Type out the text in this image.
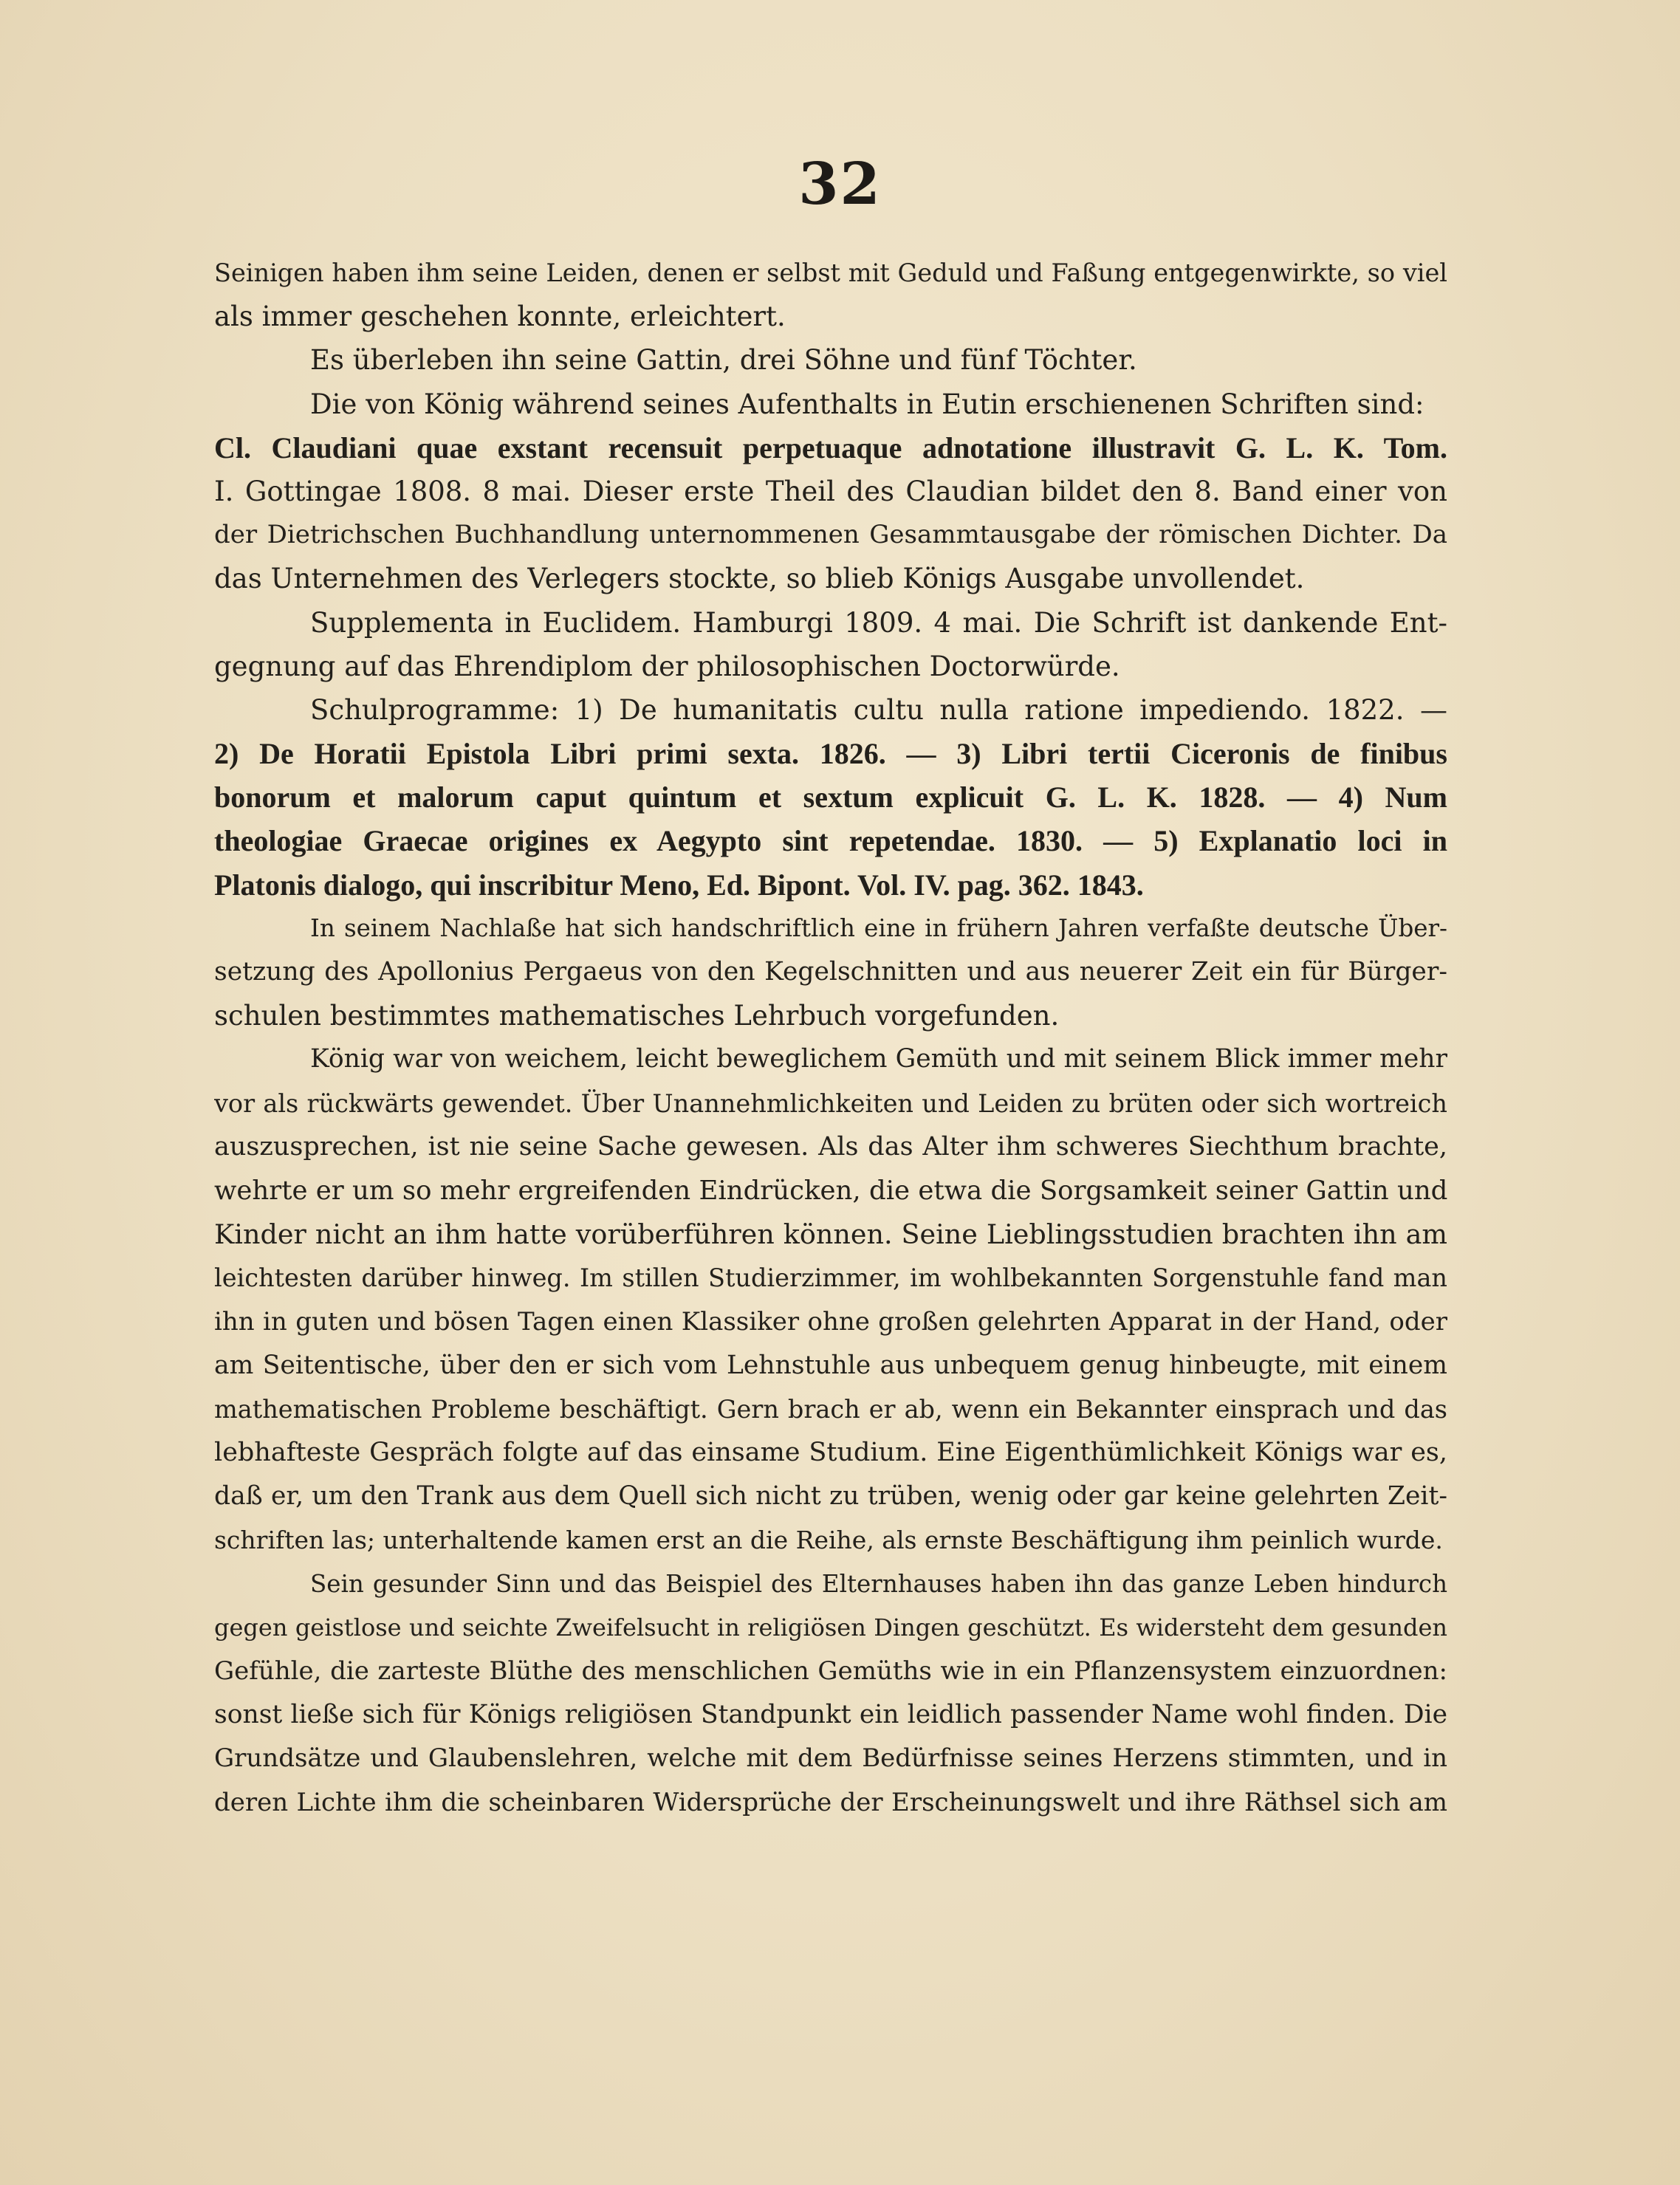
32
Seinigen haben ihm seine Leiden, denen er selbst mit Geduld und Faßung entgegenwirkte, so viel
als immer geschehen konnte, erleichtert.
Es überleben ihn seine Gattin, drei Söhne und fünf Töchter.
Die von König während seines Aufenthalts in Eutin erschienenen Schriften sind:
Cl. Claudiani quae exstant recensuit perpetuaque adnotatione illustravit G. L. K. Tom.
I. Gottingae 1808. 8 mai. Dieser erste Theil des Claudian bildet den 8. Band einer von
der Dietrichschen Buchhandlung unternommenen Gesammtausgabe der römischen Dichter. Da
das Unternehmen des Verlegers stockte, so blieb Königs Ausgabe unvollendet.
Supplementa in Euclidem. Hamburgi 1809. 4 mai. Die Schrift ist dankende Ent-
gegnung auf das Ehrendiplom der philosophischen Doctorwürde.
Schulprogramme: 1) De humanitatis cultu nulla ratione impediendo. 1822. —
2) De Horatii Epistola Libri primi sexta. 1826. — 3) Libri tertii Ciceronis de finibus
bonorum et malorum caput quintum et sextum explicuit G. L. K. 1828. — 4) Num
theologiae Graecae origines ex Aegypto sint repetendae. 1830. — 5) Explanatio loci in
Platonis dialogo, qui inscribitur Meno, Ed. Bipont. Vol. IV. pag. 362. 1843.
In seinem Nachlaße hat sich handschriftlich eine in frühern Jahren verfaßte deutsche Über-
setzung des Apollonius Pergaeus von den Kegelschnitten und aus neuerer Zeit ein für Bürger-
schulen bestimmtes mathematisches Lehrbuch vorgefunden.
König war von weichem, leicht beweglichem Gemüth und mit seinem Blick immer mehr
vor als rückwärts gewendet. Über Unannehmlichkeiten und Leiden zu brüten oder sich wortreich
auszusprechen, ist nie seine Sache gewesen. Als das Alter ihm schweres Siechthum brachte,
wehrte er um so mehr ergreifenden Eindrücken, die etwa die Sorgsamkeit seiner Gattin und
Kinder nicht an ihm hatte vorüberführen können. Seine Lieblingsstudien brachten ihn am
leichtesten darüber hinweg. Im stillen Studierzimmer, im wohlbekannten Sorgenstuhle fand man
ihn in guten und bösen Tagen einen Klassiker ohne großen gelehrten Apparat in der Hand, oder
am Seitentische, über den er sich vom Lehnstuhle aus unbequem genug hinbeugte, mit einem
mathematischen Probleme beschäftigt. Gern brach er ab, wenn ein Bekannter einsprach und das
lebhafteste Gespräch folgte auf das einsame Studium. Eine Eigenthümlichkeit Königs war es,
daß er, um den Trank aus dem Quell sich nicht zu trüben, wenig oder gar keine gelehrten Zeit-
schriften las; unterhaltende kamen erst an die Reihe, als ernste Beschäftigung ihm peinlich wurde.
Sein gesunder Sinn und das Beispiel des Elternhauses haben ihn das ganze Leben hindurch
gegen geistlose und seichte Zweifelsucht in religiösen Dingen geschützt. Es widersteht dem gesunden
Gefühle, die zarteste Blüthe des menschlichen Gemüths wie in ein Pflanzensystem einzuordnen:
sonst ließe sich für Königs religiösen Standpunkt ein leidlich passender Name wohl finden. Die
Grundsätze und Glaubenslehren, welche mit dem Bedürfnisse seines Herzens stimmten, und in
deren Lichte ihm die scheinbaren Widersprüche der Erscheinungswelt und ihre Räthsel sich am
